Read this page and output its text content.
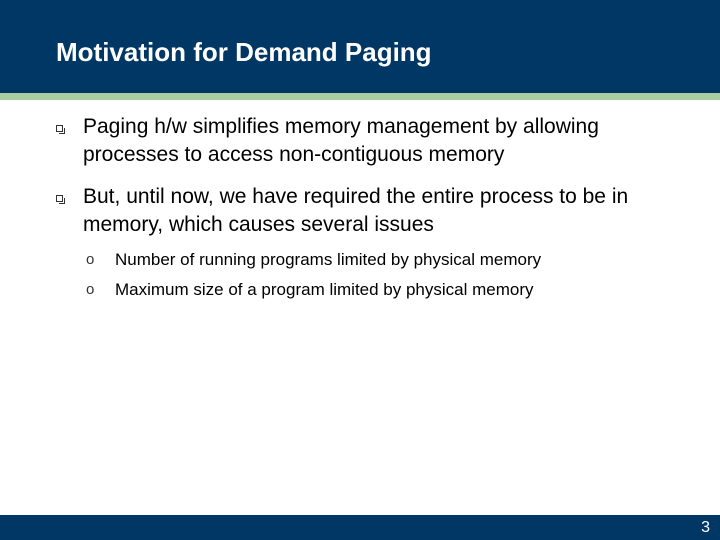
Motivation for Demand Paging

Paging h/w simplifies memory management by allowing processes to access non-contiguous memory

But, until now, we have required the entire process to be in memory, which causes several issues

o Number of running programs limited by physical memory

o Maximum size of a program limited by physical memory

3
